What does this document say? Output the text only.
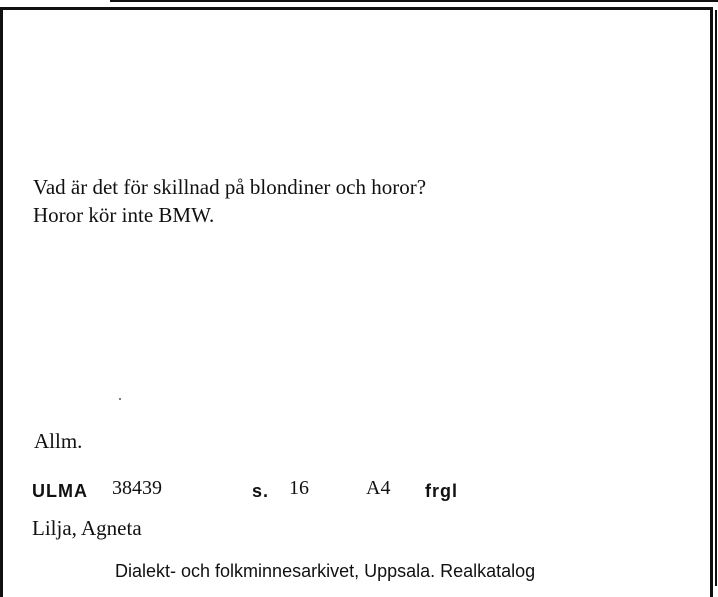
Vad är det för skillnad på blondiner och horor?
Horor kör inte BMW.
Allm.
ULMA 38439	s. 16	A4 frgl
Lilja, Agneta
Dialekt- och folkminnesarkivet, Uppsala. Realkatalog
